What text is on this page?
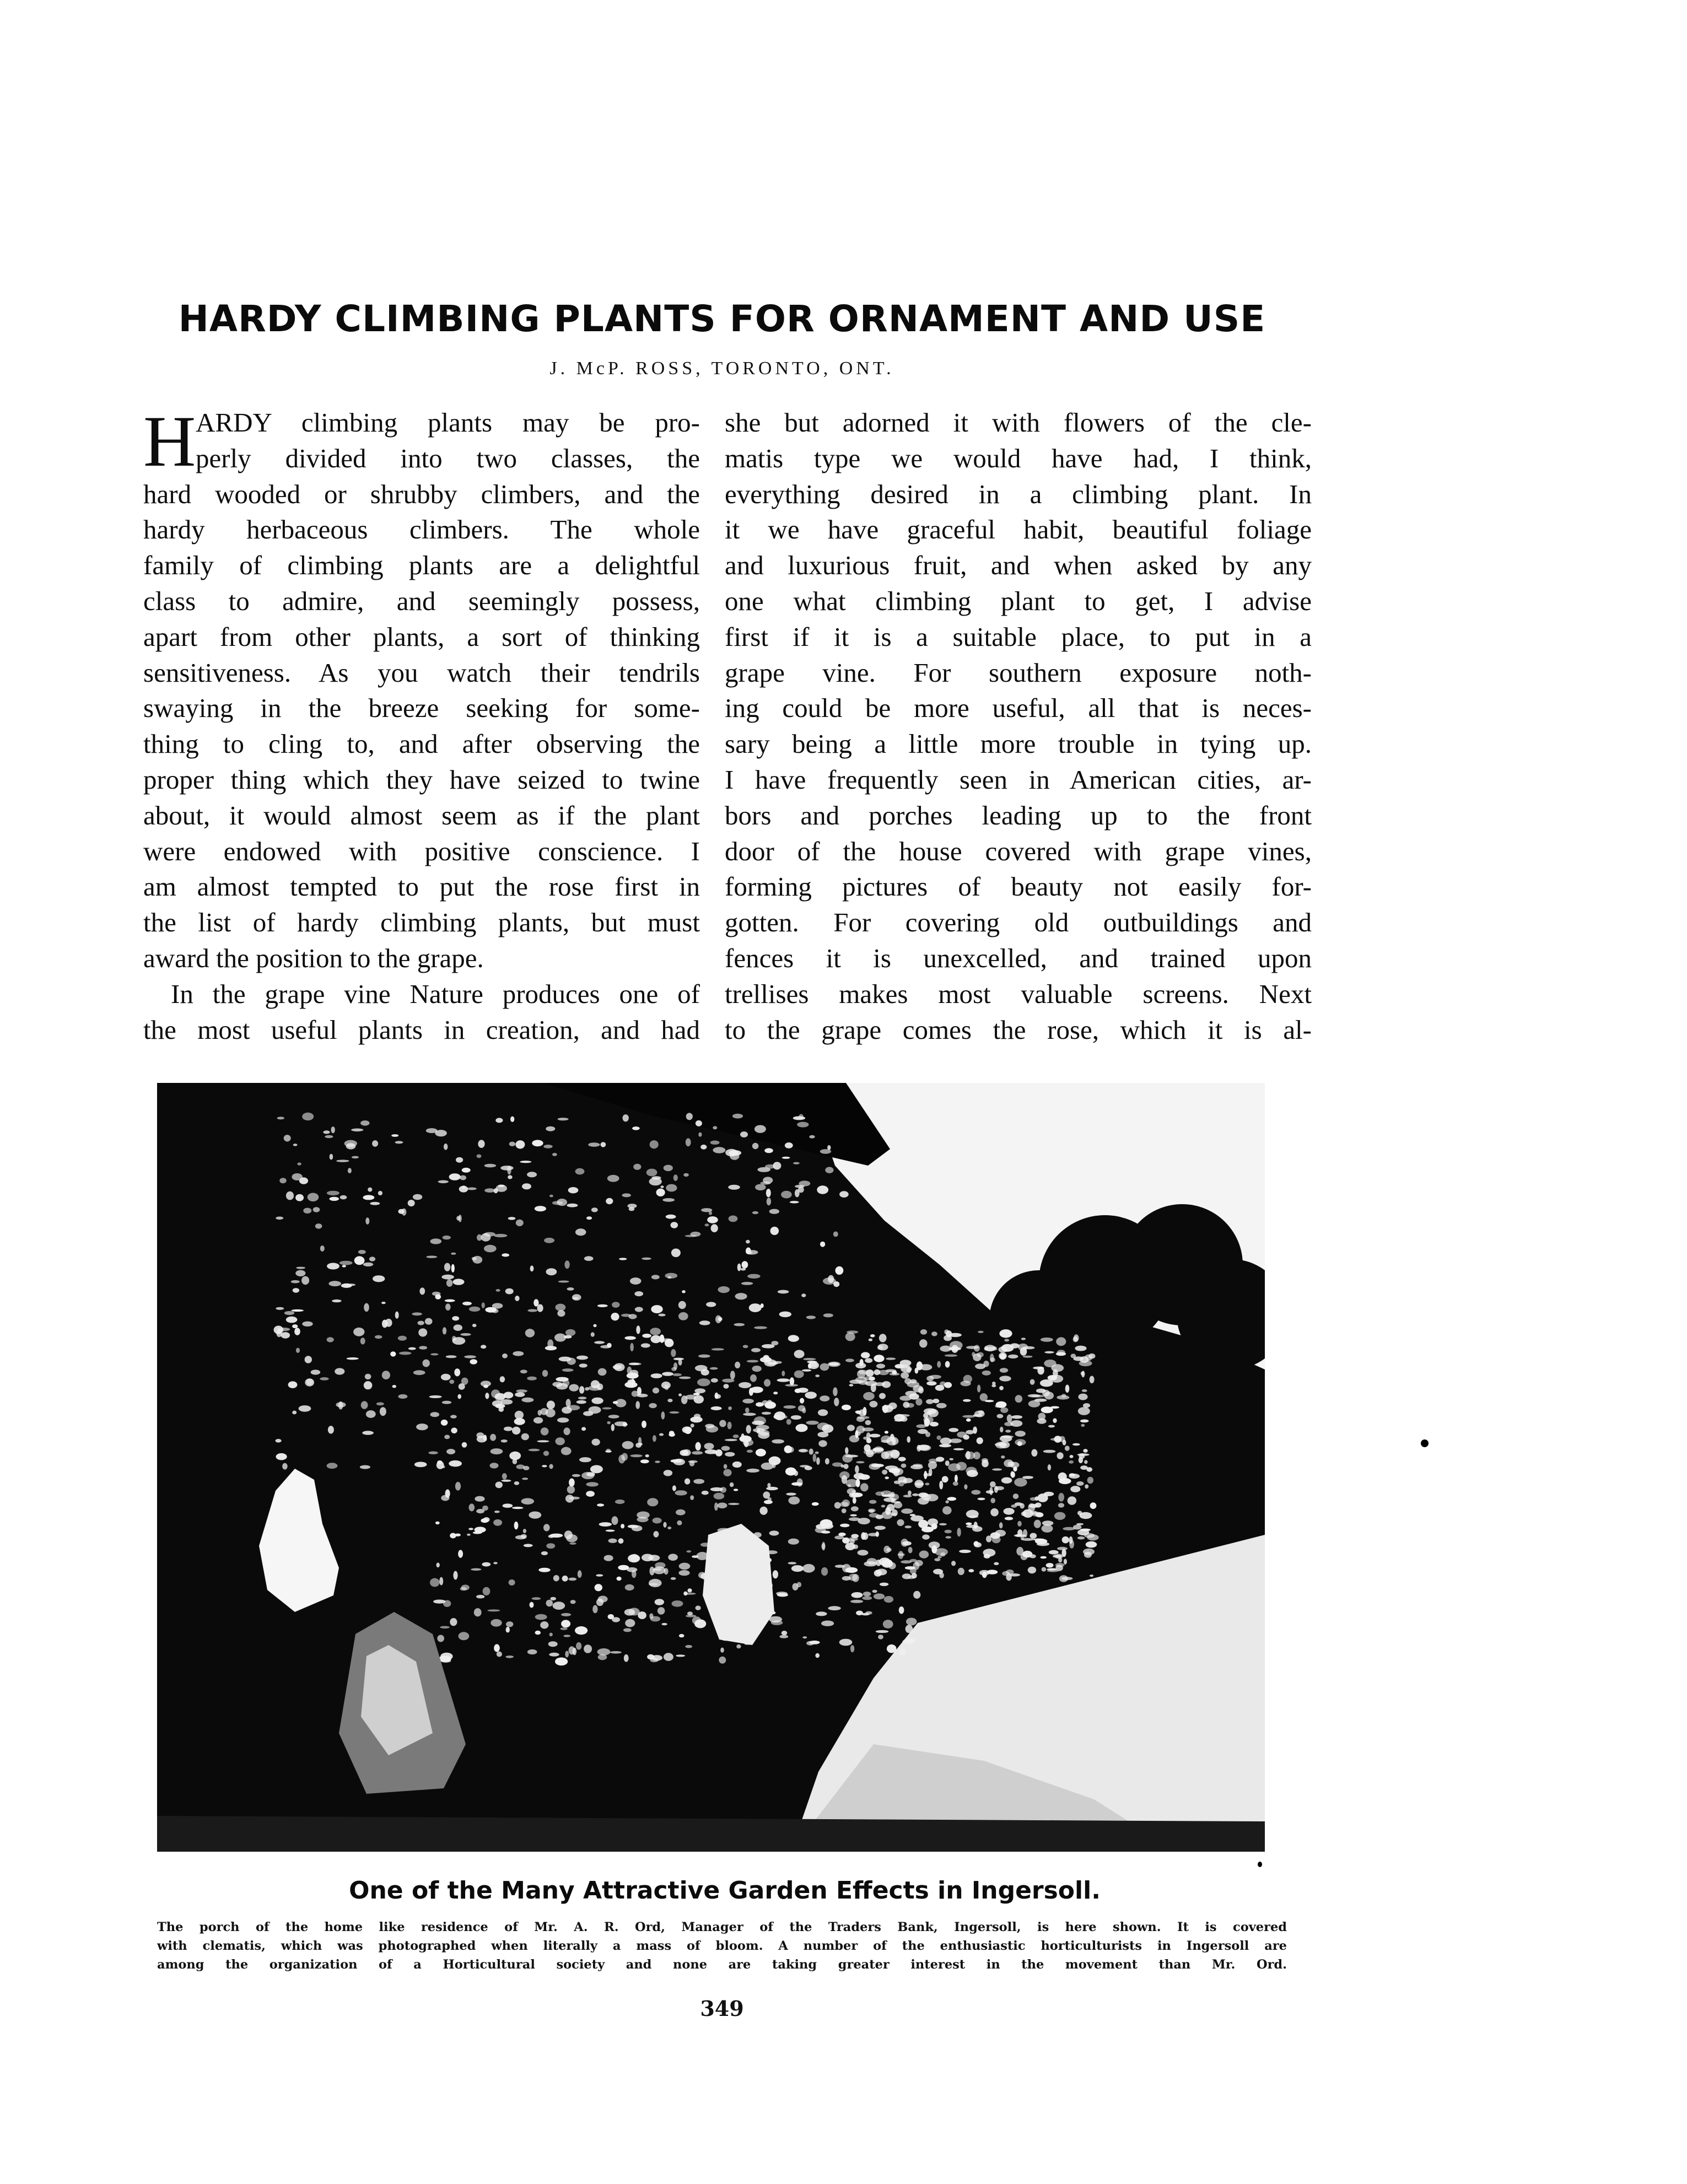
HARDY CLIMBING PLANTS FOR ORNAMENT AND USE
J. McP. ROSS, TORONTO, ONT.
H ARDY climbing plants may be pro-
perly divided into two classes, the
hard wooded or shrubby climbers, and the
hardy herbaceous climbers. The whole
family of climbing plants are a delightful
class to admire, and seemingly possess,
apart from other plants, a sort of thinking
sensitiveness. As you watch their tendrils
swaying in the breeze seeking for some-
thing to cling to, and after observing the
proper thing which they have seized to twine
about, it would almost seem as if the plant
were endowed with positive conscience. I
am almost tempted to put the rose first in
the list of hardy climbing plants, but must
award the position to the grape.
In the grape vine Nature produces one of
the most useful plants in creation, and had
she but adorned it with flowers of the cle-
matis type we would have had, I think,
everything desired in a climbing plant. In
it we have graceful habit, beautiful foliage
and luxurious fruit, and when asked by any
one what climbing plant to get, I advise
first if it is a suitable place, to put in a
grape vine. For southern exposure noth-
ing could be more useful, all that is neces-
sary being a little more trouble in tying up.
I have frequently seen in American cities, ar-
bors and porches leading up to the front
door of the house covered with grape vines,
forming pictures of beauty not easily for-
gotten. For covering old outbuildings and
fences it is unexcelled, and trained upon
trellises makes most valuable screens. Next
to the grape comes the rose, which it is al-
One of the Many Attractive Garden Effects in Ingersoll.
The porch of the home like residence of Mr. A. R. Ord, Manager of the Traders Bank, Ingersoll, is here shown. It is covered
with clematis, which was photographed when literally a mass of bloom. A number of the enthusiastic horticulturists in Ingersoll are
among the organization of a Horticultural society and none are taking greater interest in the movement than Mr. Ord.
349
